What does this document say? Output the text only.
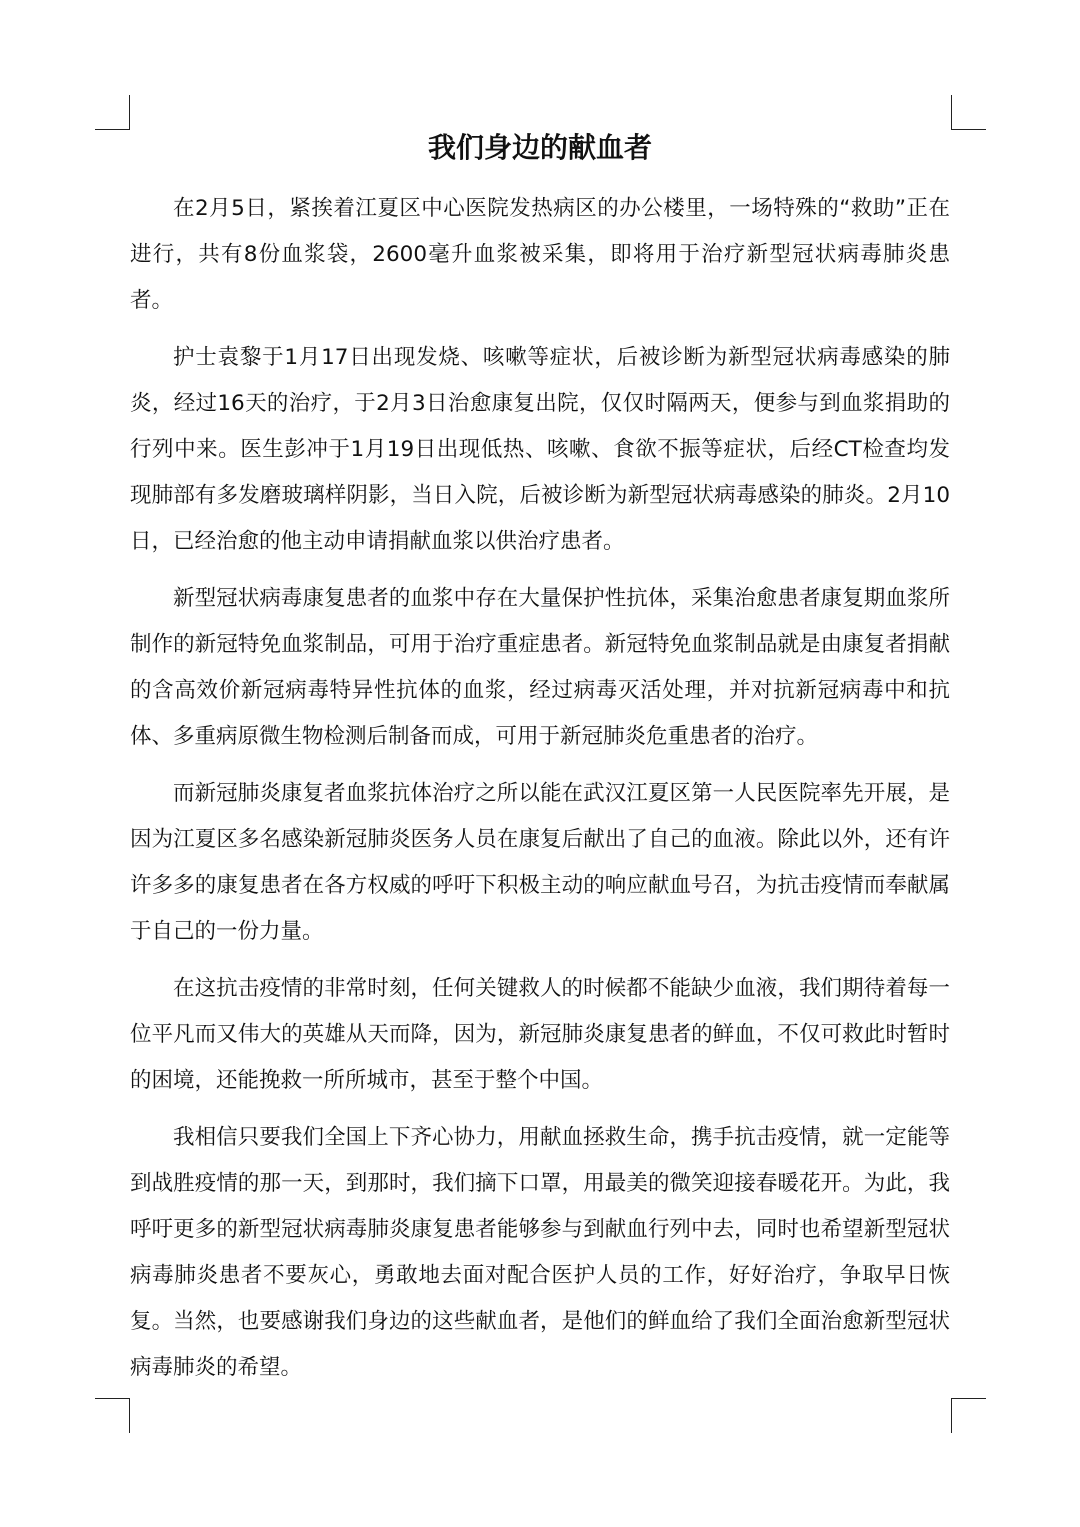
我们身边的献血者

在2月5日，紧挨着江夏区中心医院发热病区的办公楼里，一场特殊的“救助”正在进行，共有8份血浆袋，2600毫升血浆被采集，即将用于治疗新型冠状病毒肺炎患者。

护士袁黎于1月17日出现发烧、咳嗽等症状，后被诊断为新型冠状病毒感染的肺炎，经过16天的治疗，于2月3日治愈康复出院，仅仅时隔两天，便参与到血浆捐助的行列中来。医生彭冲于1月19日出现低热、咳嗽、食欲不振等症状，后经CT检查均发现肺部有多发磨玻璃样阴影，当日入院，后被诊断为新型冠状病毒感染的肺炎。2月10日，已经治愈的他主动申请捐献血浆以供治疗患者。

新型冠状病毒康复患者的血浆中存在大量保护性抗体，采集治愈患者康复期血浆所制作的新冠特免血浆制品，可用于治疗重症患者。新冠特免血浆制品就是由康复者捐献的含高效价新冠病毒特异性抗体的血浆，经过病毒灭活处理，并对抗新冠病毒中和抗体、多重病原微生物检测后制备而成，可用于新冠肺炎危重患者的治疗。

而新冠肺炎康复者血浆抗体治疗之所以能在武汉江夏区第一人民医院率先开展，是因为江夏区多名感染新冠肺炎医务人员在康复后献出了自己的血液。除此以外，还有许许多多的康复患者在各方权威的呼吁下积极主动的响应献血号召，为抗击疫情而奉献属于自己的一份力量。

在这抗击疫情的非常时刻，任何关键救人的时候都不能缺少血液，我们期待着每一位平凡而又伟大的英雄从天而降，因为，新冠肺炎康复患者的鲜血，不仅可救此时暂时的困境，还能挽救一所所城市，甚至于整个中国。

我相信只要我们全国上下齐心协力，用献血拯救生命，携手抗击疫情，就一定能等到战胜疫情的那一天，到那时，我们摘下口罩，用最美的微笑迎接春暖花开。为此，我呼吁更多的新型冠状病毒肺炎康复患者能够参与到献血行列中去，同时也希望新型冠状病毒肺炎患者不要灰心，勇敢地去面对配合医护人员的工作，好好治疗，争取早日恢复。当然，也要感谢我们身边的这些献血者，是他们的鲜血给了我们全面治愈新型冠状病毒肺炎的希望。
